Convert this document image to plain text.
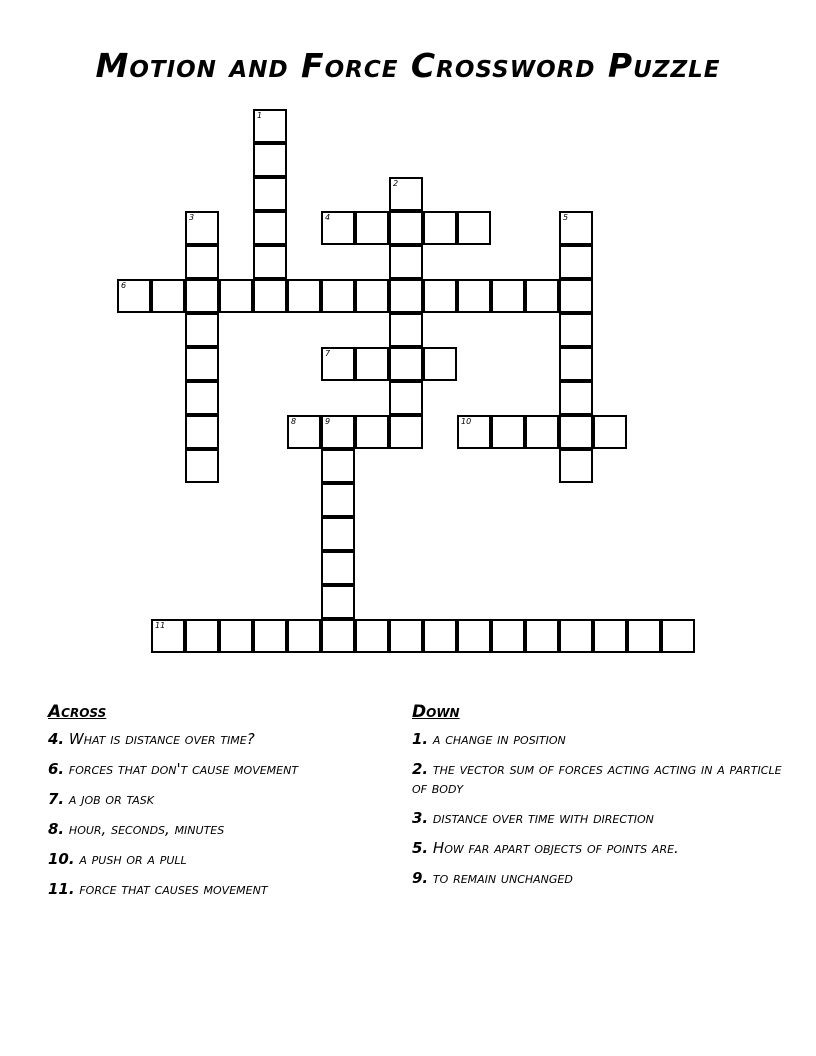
Motion and Force Crossword Puzzle
1
2
3	4	5
6
7
8	9	10
11
Across
4. What is distance over time?
6. forces that don't cause movement
7. a job or task
8. hour, seconds, minutes
10. a push or a pull
11. force that causes movement
Down
1. a change in position
2. the vector sum of forces acting acting in a particle of body
3. distance over time with direction
5. How far apart objects of points are.
9. to remain unchanged
